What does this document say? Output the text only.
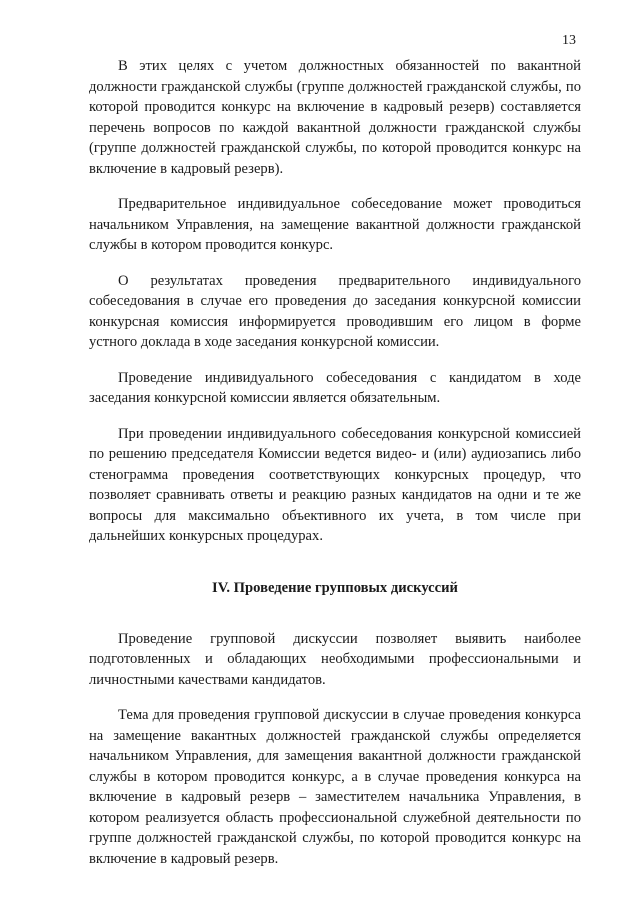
13

В этих целях с учетом должностных обязанностей по вакантной должности гражданской службы (группе должностей гражданской службы, по которой проводится конкурс на включение в кадровый резерв) составляется перечень вопросов по каждой вакантной должности гражданской службы (группе должностей гражданской службы, по которой проводится конкурс на включение в кадровый резерв).

Предварительное индивидуальное собеседование может проводиться начальником Управления, на замещение вакантной должности гражданской службы в котором проводится конкурс.

О результатах проведения предварительного индивидуального собеседования в случае его проведения до заседания конкурсной комиссии конкурсная комиссия информируется проводившим его лицом в форме устного доклада в ходе заседания конкурсной комиссии.

Проведение индивидуального собеседования с кандидатом в ходе заседания конкурсной комиссии является обязательным.

При проведении индивидуального собеседования конкурсной комиссией по решению председателя Комиссии ведется видео- и (или) аудиозапись либо стенограмма проведения соответствующих конкурсных процедур, что позволяет сравнивать ответы и реакцию разных кандидатов на одни и те же вопросы для максимально объективного их учета, в том числе при дальнейших конкурсных процедурах.

IV. Проведение групповых дискуссий

Проведение групповой дискуссии позволяет выявить наиболее подготовленных и обладающих необходимыми профессиональными и личностными качествами кандидатов.

Тема для проведения групповой дискуссии в случае проведения конкурса на замещение вакантных должностей гражданской службы определяется начальником Управления, для замещения вакантной должности гражданской службы в котором проводится конкурс, а в случае проведения конкурса на включение в кадровый резерв – заместителем начальника Управления, в котором реализуется область профессиональной служебной деятельности по группе должностей гражданской службы, по которой проводится конкурс на включение в кадровый резерв.
